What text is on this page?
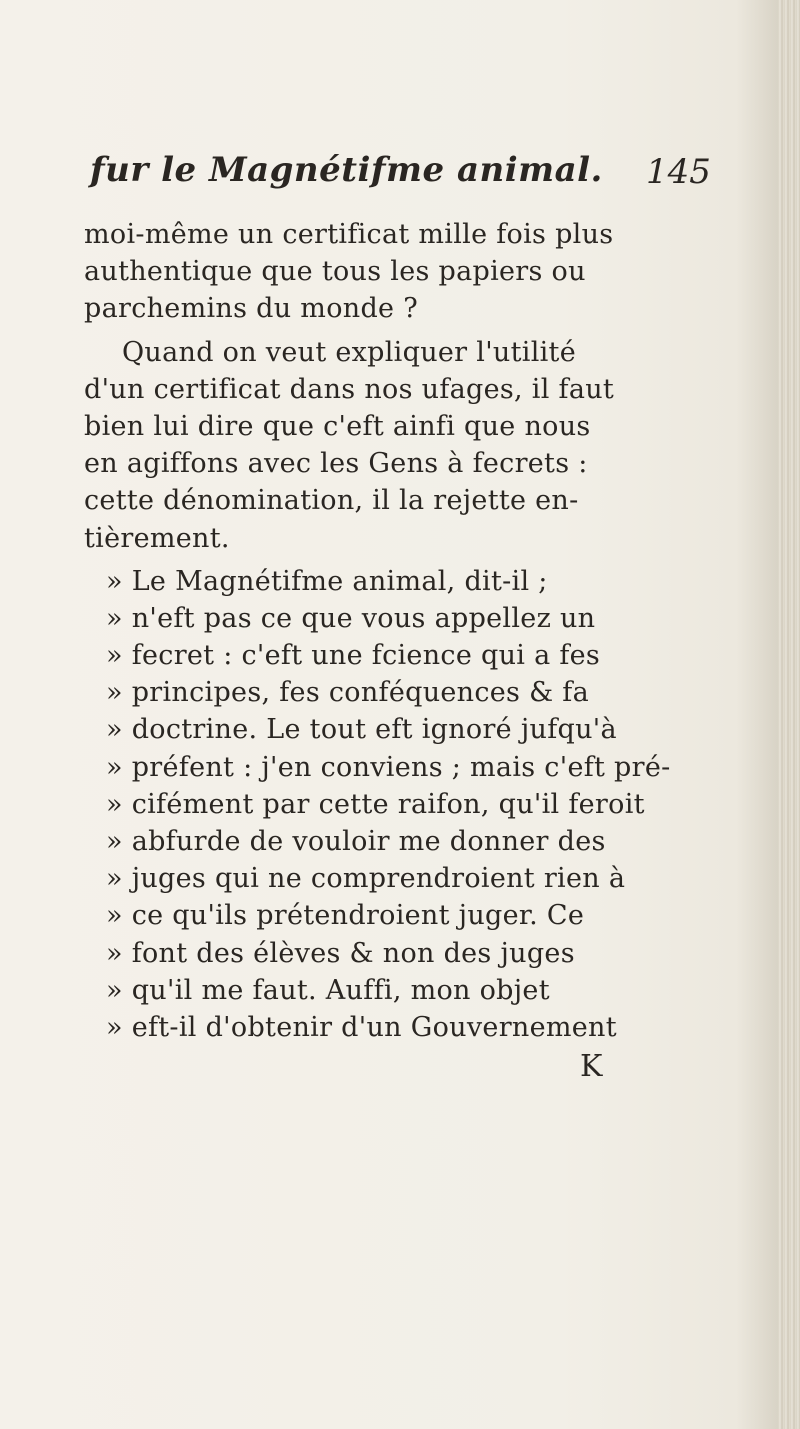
fur le Magnétifme animal. 145
moi-même un certificat mille fois plus
authentique que tous les papiers ou
parchemins du monde ?
Quand on veut expliquer l'utilité
d'un certificat dans nos ufages, il faut
bien lui dire que c'eft ainfi que nous
en agiffons avec les Gens à fecrets :
cette dénomination, il la rejette en-
tièrement.
» Le Magnétifme animal, dit-il ;
» n'eft pas ce que vous appellez un
» fecret : c'eft une fcience qui a fes
» principes, fes conféquences & fa
» doctrine. Le tout eft ignoré jufqu'à
» préfent : j'en conviens ; mais c'eft pré-
» cifément par cette raifon, qu'il feroit
» abfurde de vouloir me donner des
» juges qui ne comprendroient rien à
» ce qu'ils prétendroient juger. Ce
» font des élèves & non des juges
» qu'il me faut. Auffi, mon objet
» eft-il d'obtenir d'un Gouvernement
K
